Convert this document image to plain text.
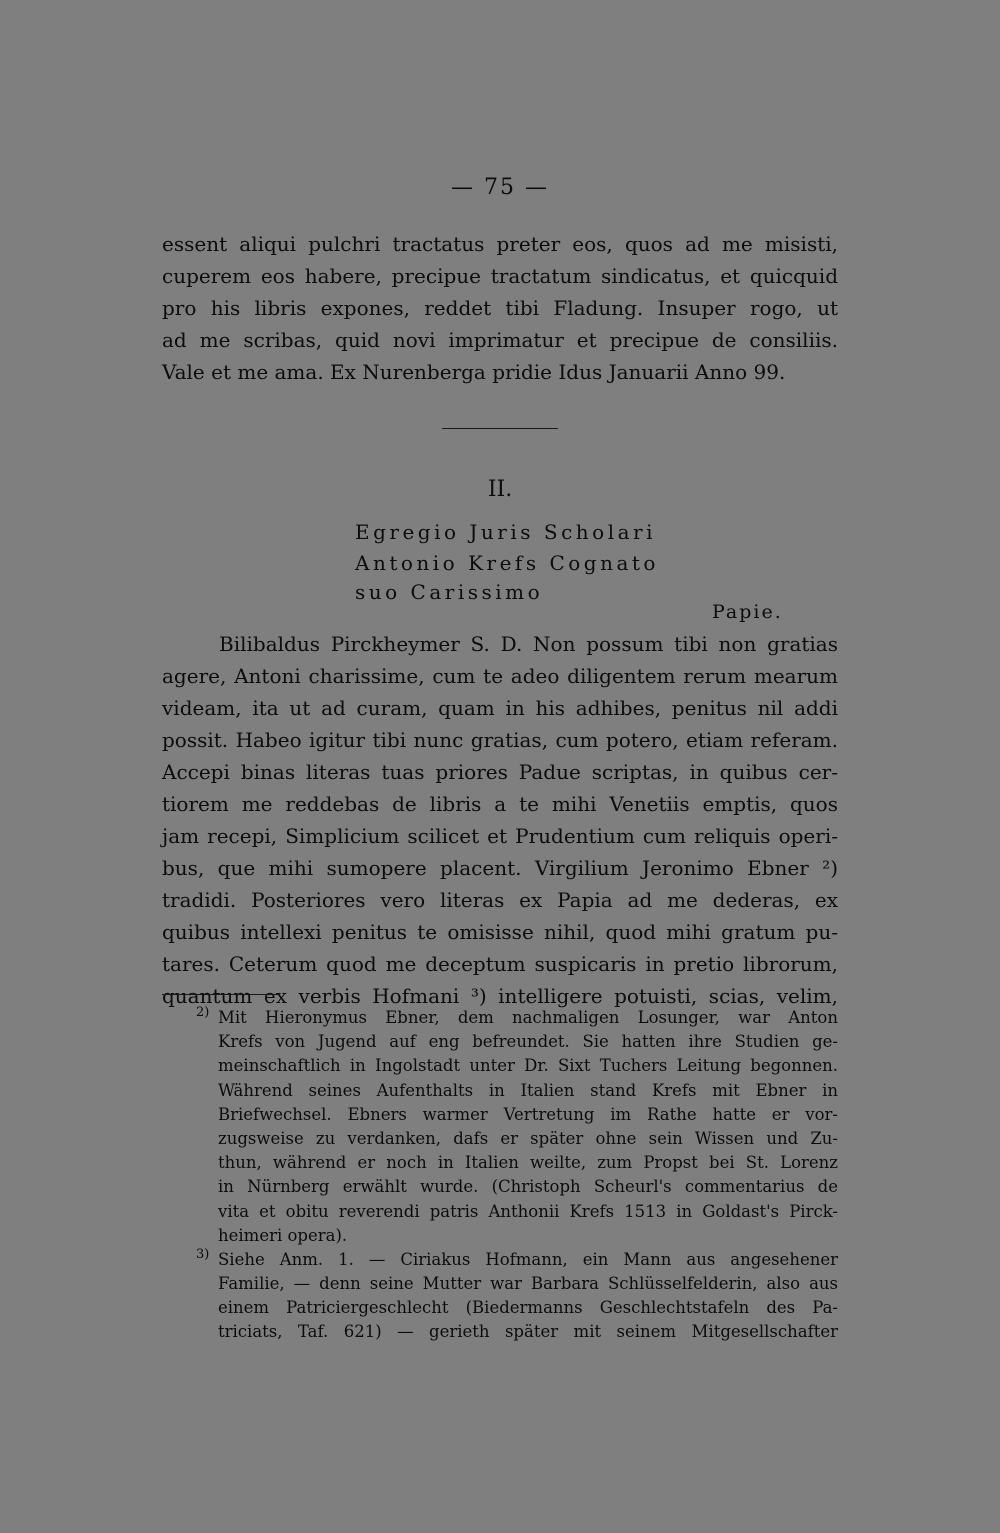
— 75 —
essent aliqui pulchri tractatus preter eos, quos ad me misisti,
cuperem eos habere, precipue tractatum sindicatus, et quicquid
pro his libris expones, reddet tibi Fladung. Insuper rogo, ut
ad me scribas, quid novi imprimatur et precipue de consiliis.
Vale et me ama. Ex Nurenberga pridie Idus Januarii Anno 99.
II.
Egregio Juris Scholari
Antonio Krefs Cognato
suo Carissimo
Papie.
Bilibaldus Pirckheymer S. D. Non possum tibi non gratias
agere, Antoni charissime, cum te adeo diligentem rerum mearum
videam, ita ut ad curam, quam in his adhibes, penitus nil addi
possit. Habeo igitur tibi nunc gratias, cum potero, etiam referam.
Accepi binas literas tuas priores Padue scriptas, in quibus cer-
tiorem me reddebas de libris a te mihi Venetiis emptis, quos
jam recepi, Simplicium scilicet et Prudentium cum reliquis operi-
bus, que mihi sumopere placent. Virgilium Jeronimo Ebner ²)
tradidi. Posteriores vero literas ex Papia ad me dederas, ex
quibus intellexi penitus te omisisse nihil, quod mihi gratum pu-
tares. Ceterum quod me deceptum suspicaris in pretio librorum,
quantum ex verbis Hofmani ³) intelligere potuisti, scias, velim,
2) Mit Hieronymus Ebner, dem nachmaligen Losunger, war Anton
Krefs von Jugend auf eng befreundet. Sie hatten ihre Studien ge-
meinschaftlich in Ingolstadt unter Dr. Sixt Tuchers Leitung begonnen.
Während seines Aufenthalts in Italien stand Krefs mit Ebner in
Briefwechsel. Ebners warmer Vertretung im Rathe hatte er vor-
zugsweise zu verdanken, dafs er später ohne sein Wissen und Zu-
thun, während er noch in Italien weilte, zum Propst bei St. Lorenz
in Nürnberg erwählt wurde. (Christoph Scheurl's commentarius de
vita et obitu reverendi patris Anthonii Krefs 1513 in Goldast's Pirck-
heimeri opera).
3) Siehe Anm. 1. — Ciriakus Hofmann, ein Mann aus angesehener
Familie, — denn seine Mutter war Barbara Schlüsselfelderin, also aus
einem Patriciergeschlecht (Biedermanns Geschlechtstafeln des Pa-
triciats, Taf. 621) — gerieth später mit seinem Mitgesellschafter
